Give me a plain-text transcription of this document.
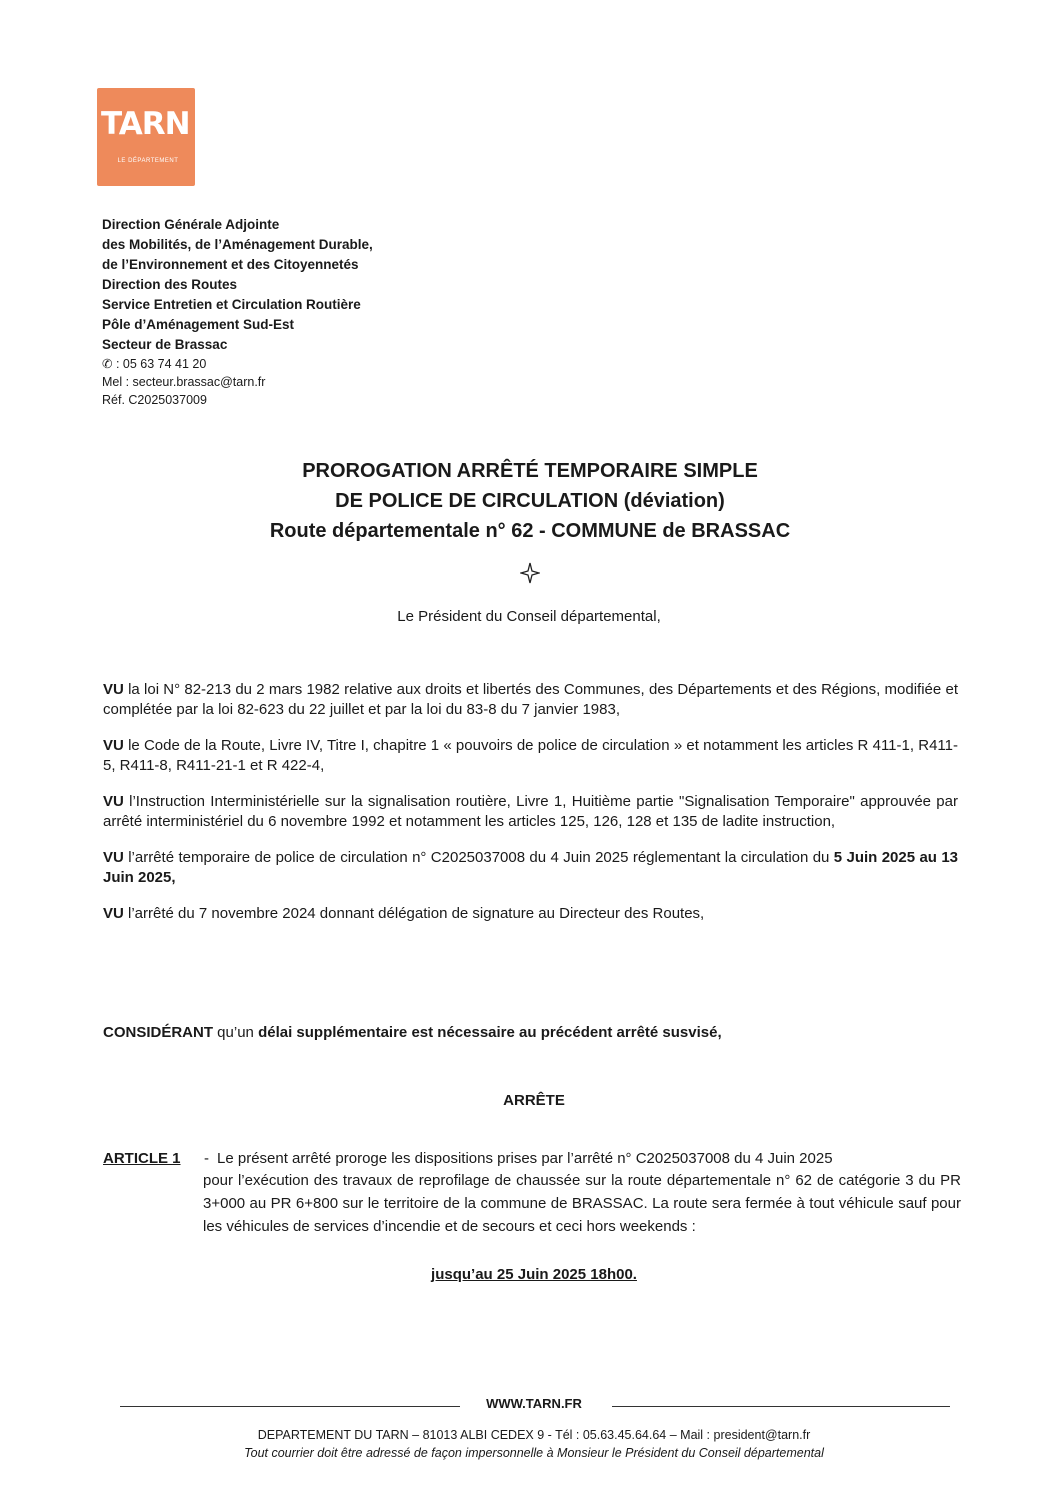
TARN
LE DÉPARTEMENT
Direction Générale Adjointe
des Mobilités, de l’Aménagement Durable,
de l’Environnement et des Citoyennetés
Direction des Routes
Service Entretien et Circulation Routière
Pôle d’Aménagement Sud-Est
Secteur de Brassac
✆ : 05 63 74 41 20
Mel : secteur.brassac@tarn.fr
Réf. C2025037009
PROROGATION ARRÊTÉ TEMPORAIRE SIMPLE
DE POLICE DE CIRCULATION (déviation)
Route départementale n° 62 - COMMUNE de BRASSAC
Le Président du Conseil départemental,

VU la loi N° 82-213 du 2 mars 1982 relative aux droits et libertés des Communes, des Départements et des Régions, modifiée et complétée par la loi 82-623 du 22 juillet et par la loi du 83-8 du 7 janvier 1983,

VU le Code de la Route, Livre IV, Titre I, chapitre 1 « pouvoirs de police de circulation » et notamment les articles R 411-1, R411-5, R411-8, R411-21-1 et R 422-4,

VU l’Instruction Interministérielle sur la signalisation routière, Livre 1, Huitième partie "Signalisation Temporaire" approuvée par arrêté interministériel du 6 novembre 1992 et notamment les articles 125, 126, 128 et 135 de ladite instruction,

VU l’arrêté temporaire de police de circulation n° C2025037008 du 4 Juin 2025 réglementant la circulation du 5 Juin 2025 au 13 Juin 2025,

VU l’arrêté du 7 novembre 2024 donnant délégation de signature au Directeur des Routes,

CONSIDÉRANT qu’un délai supplémentaire est nécessaire au précédent arrêté susvisé,
ARRÊTE
ARTICLE 1 - Le présent arrêté proroge les dispositions prises par l’arrêté n° C2025037008 du 4 Juin 2025
pour l’exécution des travaux de reprofilage de chaussée sur la route départementale n° 62 de catégorie 3 du PR 3+000 au PR 6+800 sur le territoire de la commune de BRASSAC. La route sera fermée à tout véhicule sauf pour les véhicules de services d’incendie et de secours et ceci hors weekends :
jusqu’au 25 Juin 2025 18h00.
WWW.TARN.FR
DEPARTEMENT DU TARN – 81013 ALBI CEDEX 9 - Tél : 05.63.45.64.64 – Mail : president@tarn.fr
Tout courrier doit être adressé de façon impersonnelle à Monsieur le Président du Conseil départemental
